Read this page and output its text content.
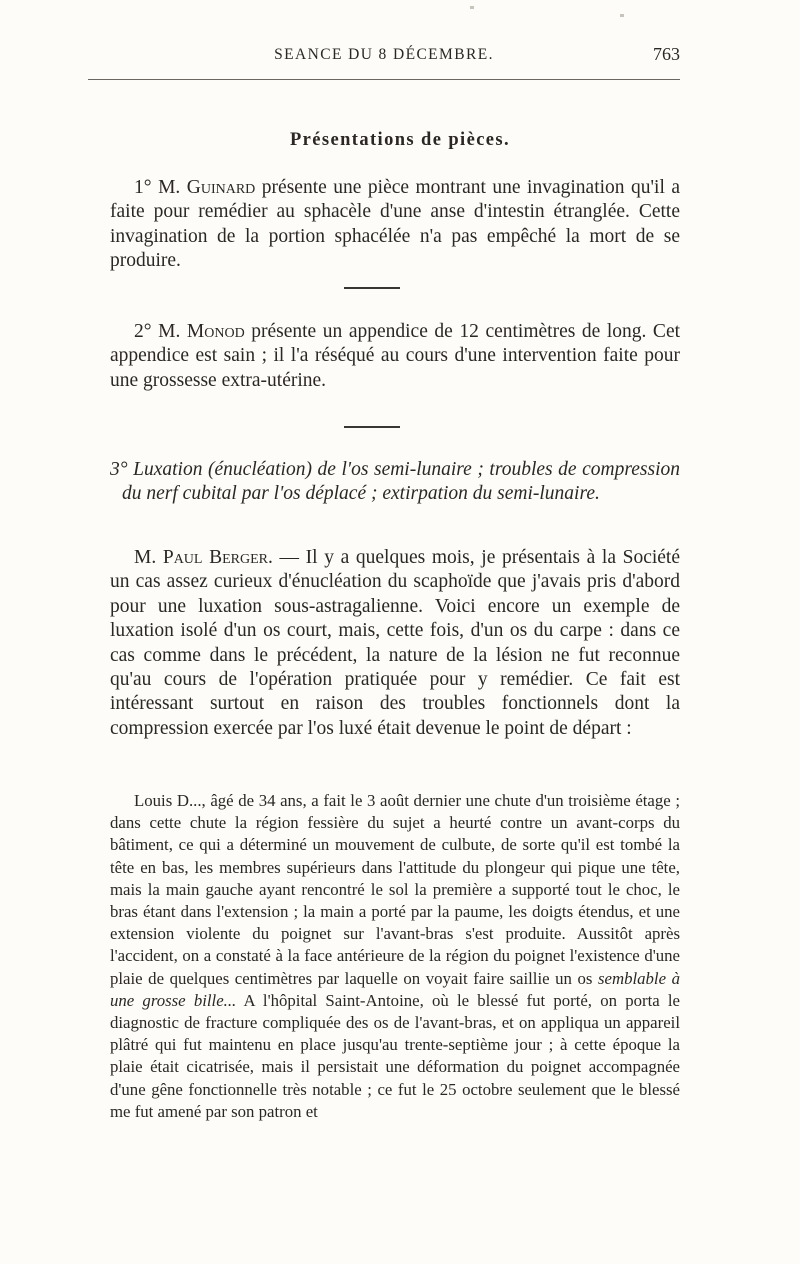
SEANCE DU 8 DÉCEMBRE.	763
Présentations de pièces.

1° M. Guinard présente une pièce montrant une invagination qu'il a faite pour remédier au sphacèle d'une anse d'intestin étranglée. Cette invagination de la portion sphacélée n'a pas empêché la mort de se produire.

2° M. Monod présente un appendice de 12 centimètres de long. Cet appendice est sain ; il l'a réséqué au cours d'une intervention faite pour une grossesse extra-utérine.

3° Luxation (énucléation) de l'os semi-lunaire ; troubles de compression du nerf cubital par l'os déplacé ; extirpation du semi-lunaire.

M. Paul Berger. — Il y a quelques mois, je présentais à la Société un cas assez curieux d'énucléation du scaphoïde que j'avais pris d'abord pour une luxation sous-astragalienne. Voici encore un exemple de luxation isolé d'un os court, mais, cette fois, d'un os du carpe : dans ce cas comme dans le précédent, la nature de la lésion ne fut reconnue qu'au cours de l'opération pratiquée pour y remédier. Ce fait est intéressant surtout en raison des troubles fonctionnels dont la compression exercée par l'os luxé était devenue le point de départ :

Louis D..., âgé de 34 ans, a fait le 3 août dernier une chute d'un troisième étage ; dans cette chute la région fessière du sujet a heurté contre un avant-corps du bâtiment, ce qui a déterminé un mouvement de culbute, de sorte qu'il est tombé la tête en bas, les membres supérieurs dans l'attitude du plongeur qui pique une tête, mais la main gauche ayant rencontré le sol la première a supporté tout le choc, le bras étant dans l'extension ; la main a porté par la paume, les doigts étendus, et une extension violente du poignet sur l'avant-bras s'est produite. Aussitôt après l'accident, on a constaté à la face antérieure de la région du poignet l'existence d'une plaie de quelques centimètres par laquelle on voyait faire saillie un os semblable à une grosse bille... A l'hôpital Saint-Antoine, où le blessé fut porté, on porta le diagnostic de fracture compliquée des os de l'avant-bras, et on appliqua un appareil plâtré qui fut maintenu en place jusqu'au trente-septième jour ; à cette époque la plaie était cicatrisée, mais il persistait une déformation du poignet accompagnée d'une gêne fonctionnelle très notable ; ce fut le 25 octobre seulement que le blessé me fut amené par son patron et
